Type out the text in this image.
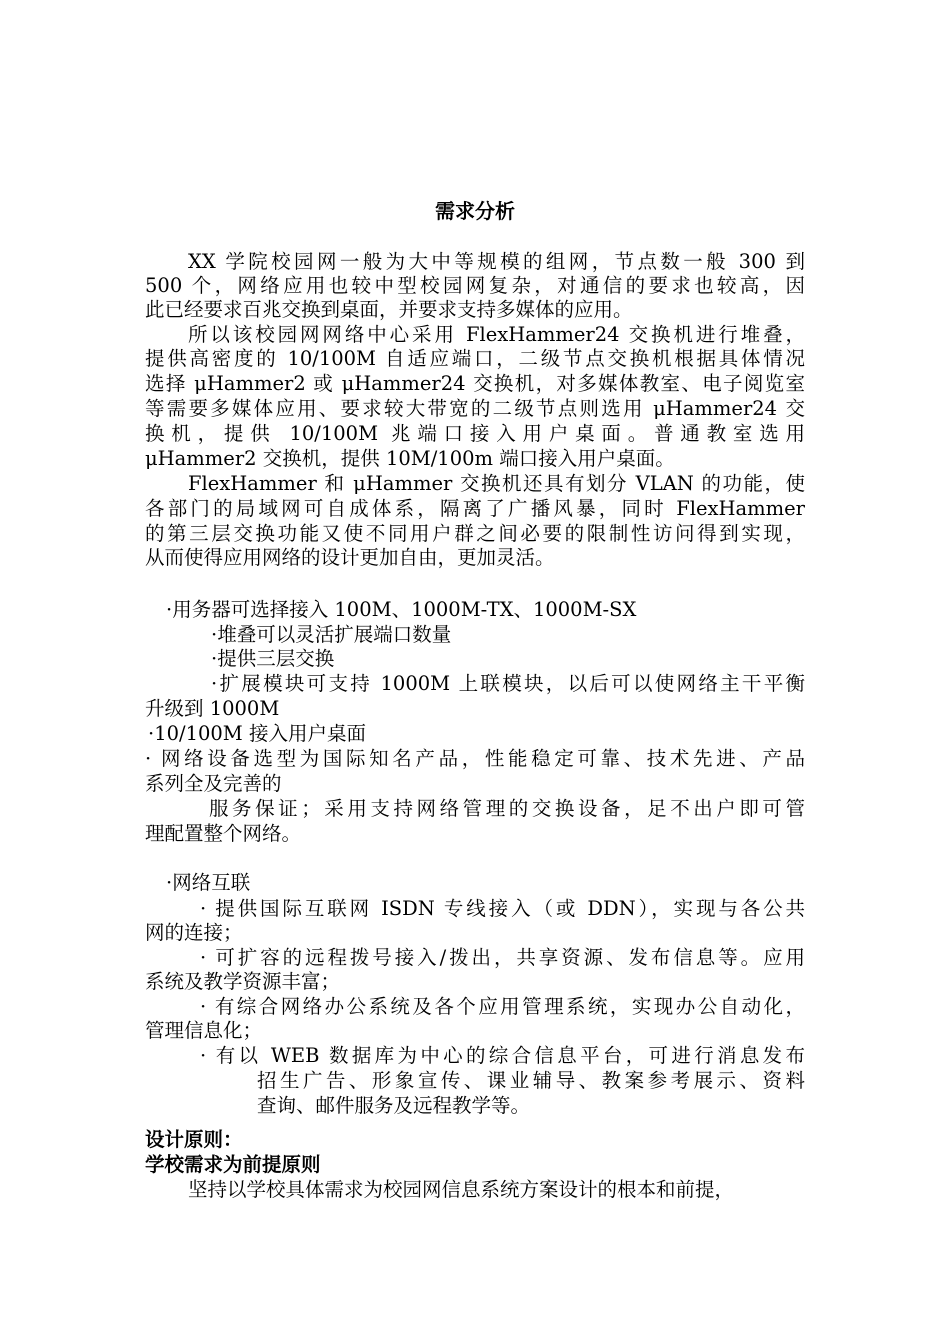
需求分析
XX 学院校园网一般为大中等规模的组网，节点数一般 300 到
500 个，网络应用也较中型校园网复杂，对通信的要求也较高，因
此已经要求百兆交换到桌面，并要求支持多媒体的应用。
所以该校园网网络中心采用 FlexHammer24 交换机进行堆叠，
提供高密度的 10/100M 自适应端口，二级节点交换机根据具体情况
选择 μHammer2 或 μHammer24 交换机，对多媒体教室、电子阅览室
等需要多媒体应用、要求较大带宽的二级节点则选用 μHammer24 交
换机，提供 10/100M 兆端口接入用户桌面。普通教室选用
μHammer2 交换机，提供 10M/100m 端口接入用户桌面。
FlexHammer 和 μHammer 交换机还具有划分 VLAN 的功能，使
各部门的局域网可自成体系，隔离了广播风暴，同时 FlexHammer
的第三层交换功能又使不同用户群之间必要的限制性访问得到实现，
从而使得应用网络的设计更加自由，更加灵活。
·用务器可选择接入 100M、1000M-TX、1000M-SX
·堆叠可以灵活扩展端口数量
·提供三层交换
·扩展模块可支持 1000M 上联模块，以后可以使网络主干平衡
升级到 1000M
·10/100M 接入用户桌面
· 网络设备选型为国际知名产品，性能稳定可靠、技术先进、产品
系列全及完善的
服务保证；采用支持网络管理的交换设备，足不出户即可管
理配置整个网络。
·网络互联
· 提供国际互联网 ISDN 专线接入（或 DDN），实现与各公共
网的连接；
· 可扩容的远程拨号接入/拨出，共享资源、发布信息等。应用
系统及教学资源丰富；
· 有综合网络办公系统及各个应用管理系统，实现办公自动化，
管理信息化；
· 有以 WEB 数据库为中心的综合信息平台，可进行消息发布
招生广告、形象宣传、课业辅导、教案参考展示、资料
查询、邮件服务及远程教学等。
设计原则：
学校需求为前提原则
坚持以学校具体需求为校园网信息系统方案设计的根本和前提，
